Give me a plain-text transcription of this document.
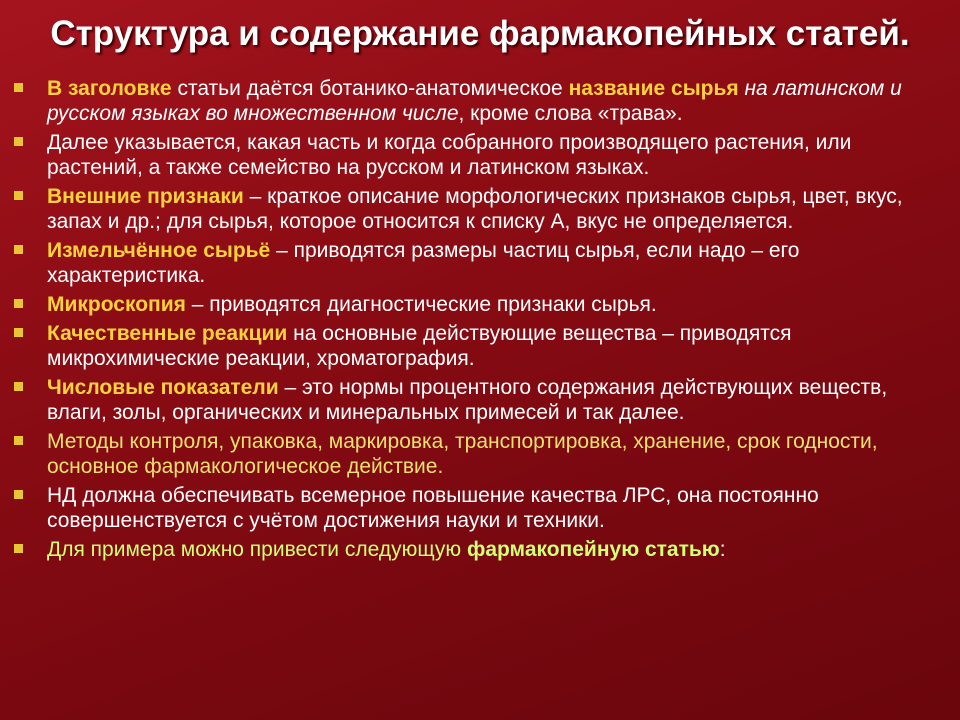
Структура и содержание фармакопейных статей.
В заголовке статьи даётся ботанико-анатомическое название сырья на латинском и русском языках во множественном числе, кроме слова «трава».
Далее указывается, какая часть и когда собранного производящего растения, или растений, а также семейство на русском и латинском языках.
Внешние признаки – краткое описание морфологических признаков сырья, цвет, вкус, запах и др.; для сырья, которое относится к списку А, вкус не определяется.
Измельчённое сырьё – приводятся размеры частиц сырья, если надо – его характеристика.
Микроскопия – приводятся диагностические признаки сырья.
Качественные реакции на основные действующие вещества – приводятся микрохимические реакции, хроматография.
Числовые показатели – это нормы процентного содержания действующих веществ, влаги, золы, органических и минеральных примесей и так далее.
Методы контроля, упаковка, маркировка, транспортировка, хранение, срок годности, основное фармакологическое действие.
НД должна обеспечивать всемерное повышение качества ЛРС, она постоянно совершенствуется с учётом достижения науки и техники.
Для примера можно привести следующую фармакопейную статью:
